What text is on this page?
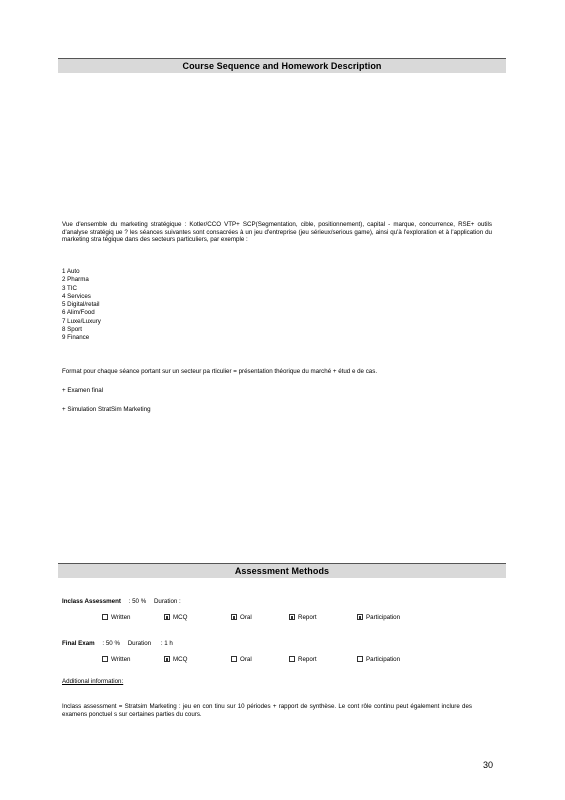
Course Sequence and Homework Description
Vue d'ensemble du marketing stratégique : Kotler/CCO VTP+ SCP(Segmentation, cible, positionnement), capital - marque, concurrence, RSE+ outils d'analyse stratégiq ue ? les séances suivantes sont consacrées à un jeu d'entreprise (jeu sérieux/serious game), ainsi qu'à l'exploration et à l'application du marketing stra tégique dans des secteurs particuliers, par exemple :
1 Auto
2 Pharma
3 TIC
4 Services
5 Digital/retail
6 Alim/Food
7 Luxe/Luxury
8 Sport
9 Finance
Format pour chaque séance portant sur un secteur pa rticulier = présentation théorique du marché + étud e de cas.
+ Examen final
+ Simulation StratSim Marketing
Assessment Methods
Inclass Assessment : 50 % Duration :
Written	MCQ	Oral	Report	Participation
Final Exam : 50 % Duration : 1 h
Written	MCQ	Oral	Report	Participation
Additional information:
Inclass assessment = Stratsim Marketing : jeu en con tinu sur 10 périodes + rapport de synthèse. Le cont rôle continu peut également inclure des examens ponctuel s sur certaines parties du cours.
30
